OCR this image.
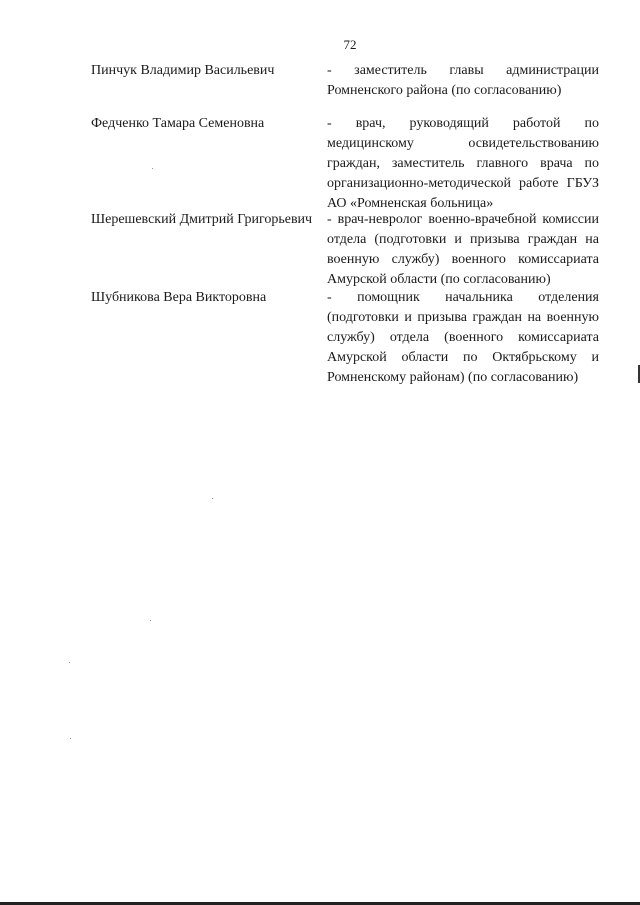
72
Пинчук Владимир Васильевич	- заместитель главы администрации Ромненского района (по согласованию)
Федченко Тамара Семеновна	- врач, руководящий работой по медицинскому освидетельствованию граждан, заместитель главного врача по организационно-методической работе ГБУЗ АО «Ромненская больница»
Шерешевский Дмитрий Григорьевич - врач-невролог военно-врачебной комиссии отдела (подготовки и призыва граждан на военную службу) военного комиссариата Амурской области (по согласованию)
Шубникова Вера Викторовна	- помощник начальника отделения (подготовки и призыва граждан на военную службу) отдела (военного комиссариата Амурской области по Октябрьскому и Ромненскому районам) (по согласованию)
